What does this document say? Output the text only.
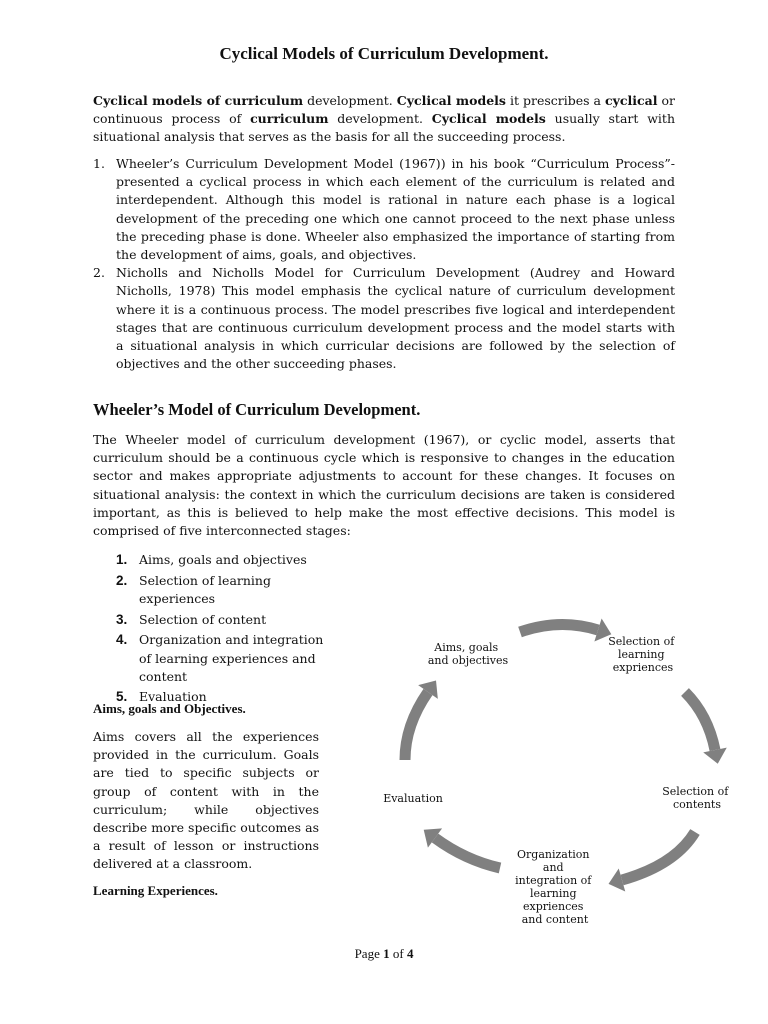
Cyclical Models of Curriculum Development.

Cyclical models of curriculum development. Cyclical models it prescribes a cyclical or continuous process of curriculum development. Cyclical models usually start with situational analysis that serves as the basis for all the succeeding process.

1. Wheeler’s Curriculum Development Model (1967)) in his book “Curriculum Process”- presented a cyclical process in which each element of the curriculum is related and interdependent. Although this model is rational in nature each phase is a logical development of the preceding one which one cannot proceed to the next phase unless the preceding phase is done. Wheeler also emphasized the importance of starting from the development of aims, goals, and objectives.
2. Nicholls and Nicholls Model for Curriculum Development (Audrey and Howard Nicholls, 1978) This model emphasis the cyclical nature of curriculum development where it is a continuous process. The model prescribes five logical and interdependent stages that are continuous curriculum development process and the model starts with a situational analysis in which curricular decisions are followed by the selection of objectives and the other succeeding phases.
Wheeler’s Model of Curriculum Development.

The Wheeler model of curriculum development (1967), or cyclic model, asserts that curriculum should be a continuous cycle which is responsive to changes in the education sector and makes appropriate adjustments to account for these changes. It focuses on situational analysis: the context in which the curriculum decisions are taken is considered important, as this is believed to help make the most effective decisions. This model is comprised of five interconnected stages:

1. Aims, goals and objectives
2. Selection of learning experiences
3. Selection of content
4. Organization and integration of learning experiences and content
5. Evaluation
Aims, goals and Objectives.

Aims covers all the experiences provided in the curriculum. Goals are tied to specific subjects or group of content with in the curriculum; while objectives describe more specific outcomes as a result of lesson or instructions delivered at a classroom.

Learning Experiences.
Aims, goals and objectives
Selection of learning expriences
Selection of contents
Organization and integration of learning expriences and content
Evaluation
Page 1 of 4
